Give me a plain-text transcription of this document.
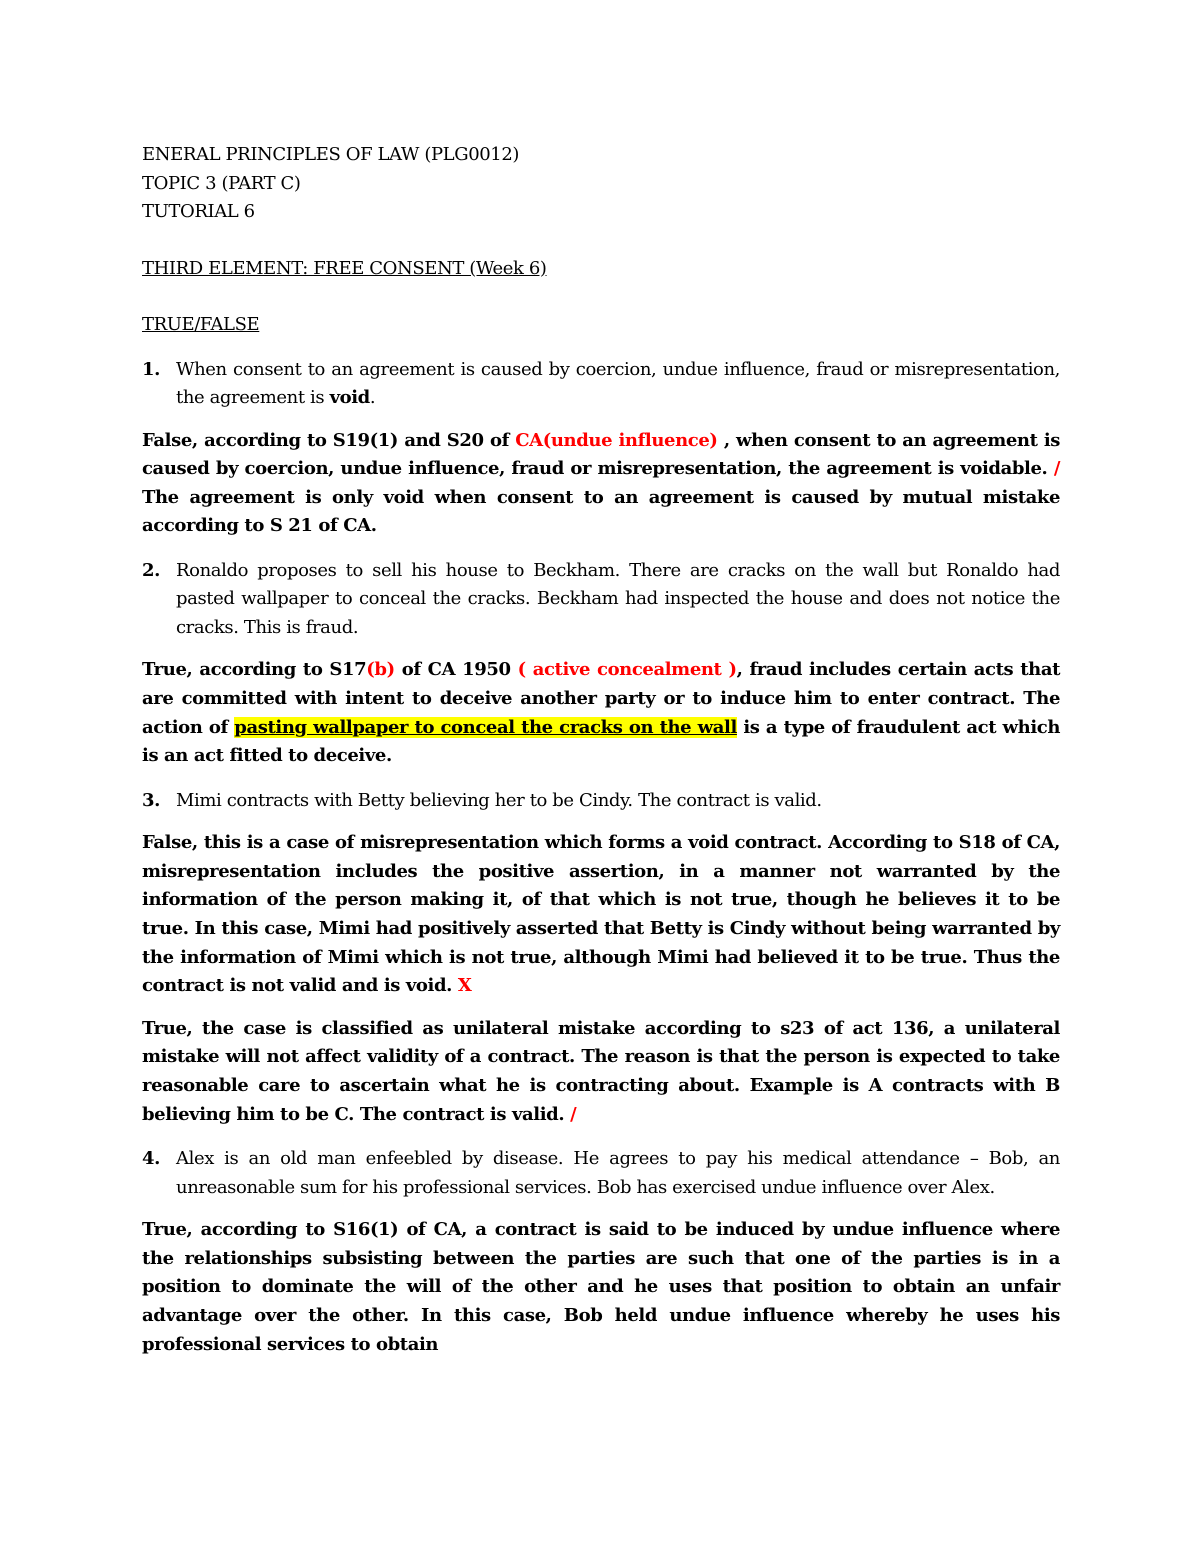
ENERAL PRINCIPLES OF LAW (PLG0012)

TOPIC 3 (PART C)

TUTORIAL 6

THIRD ELEMENT: FREE CONSENT (Week 6)

TRUE/FALSE

1. When consent to an agreement is caused by coercion, undue influence, fraud or misrepresentation, the agreement is void.

False, according to S19(1) and S20 of CA(undue influence) , when consent to an agreement is caused by coercion, undue influence, fraud or misrepresentation, the agreement is voidable. / The agreement is only void when consent to an agreement is caused by mutual mistake according to S 21 of CA.

2. Ronaldo proposes to sell his house to Beckham. There are cracks on the wall but Ronaldo had pasted wallpaper to conceal the cracks. Beckham had inspected the house and does not notice the cracks. This is fraud.

True, according to S17(b) of CA 1950 ( active concealment ), fraud includes certain acts that are committed with intent to deceive another party or to induce him to enter contract. The action of pasting wallpaper to conceal the cracks on the wall is a type of fraudulent act which is an act fitted to deceive.

3. Mimi contracts with Betty believing her to be Cindy. The contract is valid.

False, this is a case of misrepresentation which forms a void contract. According to S18 of CA, misrepresentation includes the positive assertion, in a manner not warranted by the information of the person making it, of that which is not true, though he believes it to be true. In this case, Mimi had positively asserted that Betty is Cindy without being warranted by the information of Mimi which is not true, although Mimi had believed it to be true. Thus the contract is not valid and is void. X

True, the case is classified as unilateral mistake according to s23 of act 136, a unilateral mistake will not affect validity of a contract. The reason is that the person is expected to take reasonable care to ascertain what he is contracting about. Example is A contracts with B believing him to be C. The contract is valid. /

4. Alex is an old man enfeebled by disease. He agrees to pay his medical attendance – Bob, an unreasonable sum for his professional services. Bob has exercised undue influence over Alex.

True, according to S16(1) of CA, a contract is said to be induced by undue influence where the relationships subsisting between the parties are such that one of the parties is in a position to dominate the will of the other and he uses that position to obtain an unfair advantage over the other. In this case, Bob held undue influence whereby he uses his professional services to obtain
